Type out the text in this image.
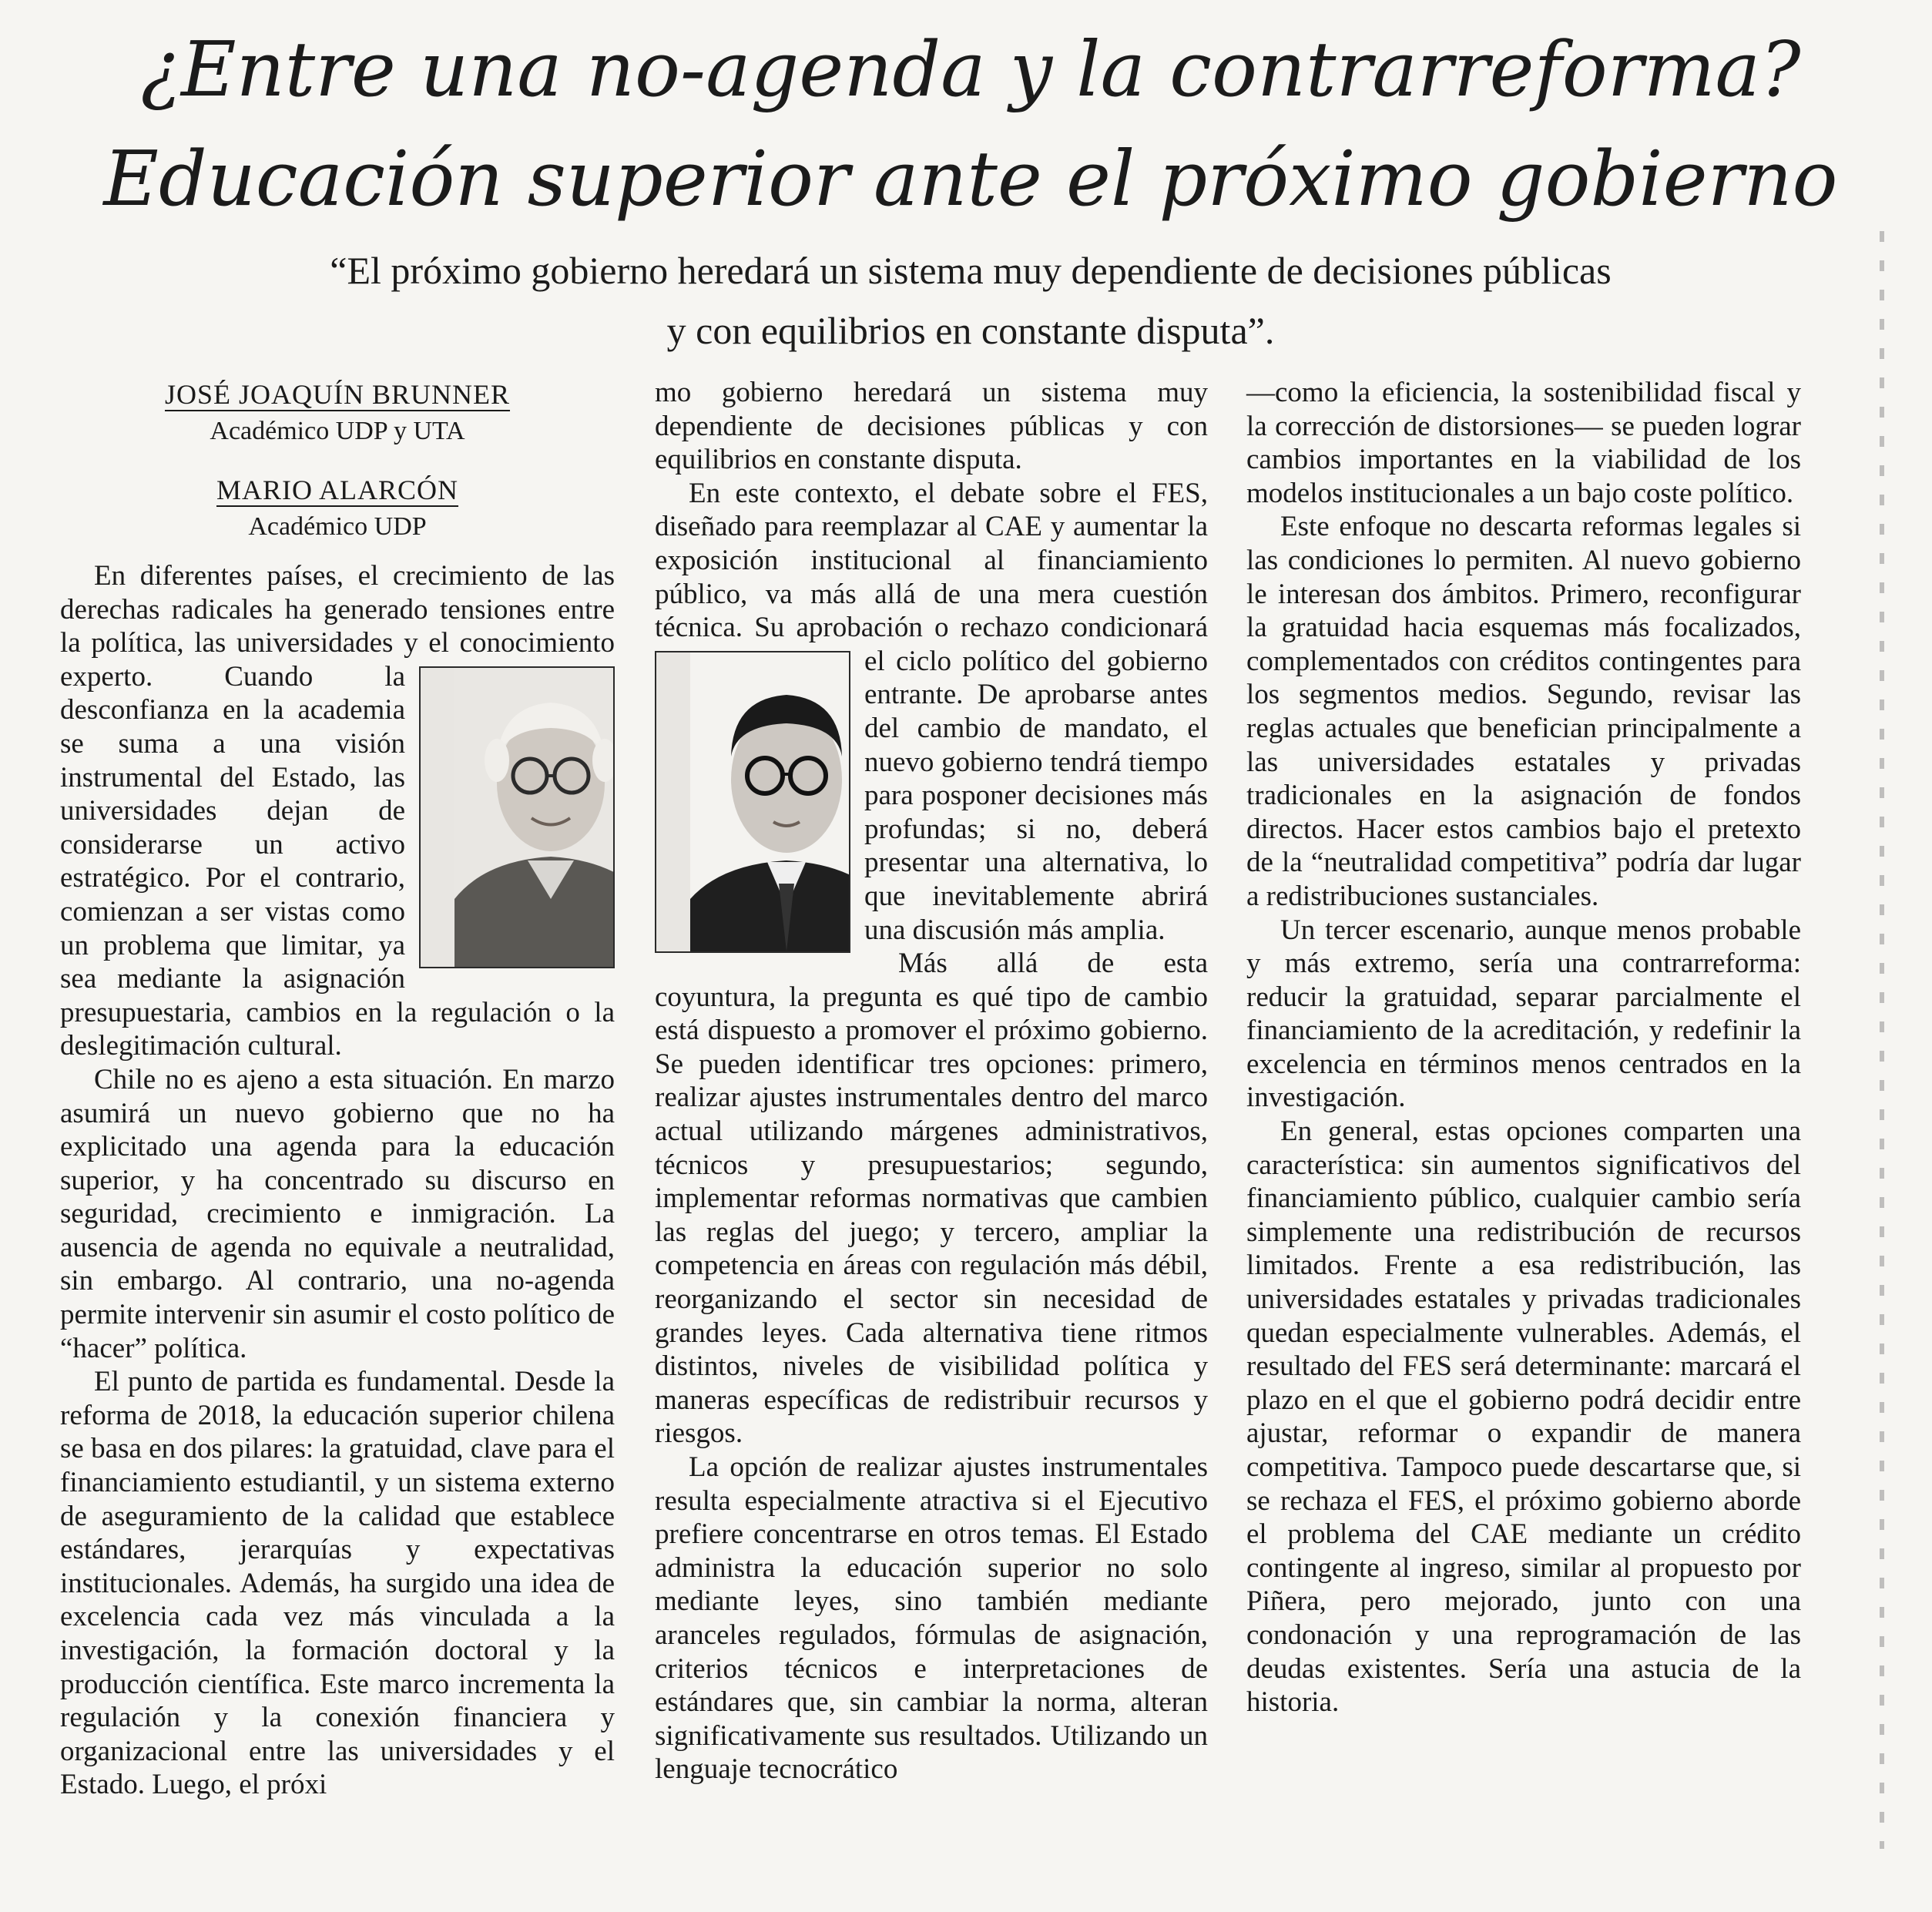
¿Entre una no-agenda y la contrarreforma?
Educación superior ante el próximo gobierno

“El próximo gobierno heredará un sistema muy dependiente de decisiones públicas
y con equilibrios en constante disputa”.

JOSÉ JOAQUÍN BRUNNER
Académico UDP y UTA
MARIO ALARCÓN
Académico UDP

En diferentes países, el crecimiento de las derechas radicales ha generado tensiones entre la política, las universidades y el conocimiento experto.	Cuando la desconfianza en la academia se suma a una visión instrumental del Estado, las universidades dejan de considerarse un activo estratégico. Por el contrario, comienzan a ser vistas como un problema que limitar, ya sea mediante la asignación presupuestaria, cambios en la regulación o la deslegitimación cultural.

Chile no es ajeno a esta situación. En marzo asumirá un nuevo gobierno que no ha explicitado una agenda para la educación superior, y ha concentrado su discurso en seguridad, crecimiento e inmigración. La ausencia de agenda no equivale a neutralidad, sin embargo. Al contrario, una no-agenda permite intervenir sin asumir el costo político de “hacer” política.

El punto de partida es fundamental. Desde la reforma de 2018, la educación superior chilena se basa en dos pilares: la gratuidad, clave para el financiamiento estudiantil, y un sistema externo de aseguramiento de la calidad que establece estándares, jerarquías y expectativas institucionales. Además, ha surgido una idea de excelencia cada vez más vinculada a la investigación, la formación doctoral y la producción científica. Este marco incrementa la regulación y la conexión financiera y organizacional entre las universidades y el Estado. Luego, el próxi

mo gobierno heredará un sistema muy dependiente de decisiones públicas y con equilibrios en constante disputa.

En este contexto, el debate sobre el FES, diseñado para reemplazar al CAE y aumentar la exposición institucional al financiamiento público, va más allá de una mera cuestión técnica. Su aprobación o rechazo condicionará el ciclo político del gobierno
entrante. De aprobarse antes del cambio de mandato, el nuevo gobierno tendrá tiempo para posponer decisiones más profundas; si no, deberá presentar una alternativa, lo que inevitablemente abrirá una discusión más amplia.

Más allá de esta coyuntura, la pregunta es qué tipo de cambio está dispuesto a promover el próximo gobierno. Se pueden identificar tres opciones: primero, realizar ajustes instrumentales dentro del marco actual utilizando márgenes administrativos, técnicos y presupuestarios; segundo, implementar reformas normativas que cambien las reglas del juego; y tercero, ampliar la competencia en áreas con regulación más débil, reorganizando el sector sin necesidad de grandes leyes. Cada alternativa tiene ritmos distintos, niveles de visibilidad política y maneras específicas de redistribuir recursos y riesgos.

La opción de realizar ajustes instrumentales resulta especialmente atractiva si el Ejecutivo prefiere concentrarse en otros temas. El Estado administra la educación superior no solo mediante leyes, sino también mediante aranceles regulados, fórmulas de asignación, criterios técnicos e interpretaciones de estándares que, sin cambiar la norma, alteran significativamente sus resultados. Utilizando un lenguaje tecnocrático

—como la eficiencia, la sostenibilidad fiscal y la corrección de distorsiones— se pueden lograr cambios importantes en la viabilidad de los modelos institucionales a un bajo coste político.

Este enfoque no descarta reformas legales si las condiciones lo permiten. Al nuevo gobierno le interesan dos ámbitos. Primero, reconfigurar la gratuidad hacia esquemas más focalizados, complementados con créditos contingentes para los segmentos medios. Segundo, revisar las reglas actuales que benefician principalmente a las universidades estatales y privadas tradicionales en la asignación de fondos directos. Hacer estos cambios bajo el pretexto de la “neutralidad competitiva” podría dar lugar a redistribuciones sustanciales.

Un tercer escenario, aunque menos probable y más extremo, sería una contrarreforma: reducir la gratuidad, separar parcialmente el financiamiento de la acreditación, y redefinir la excelencia en términos menos centrados en la investigación.

En general, estas opciones comparten una característica: sin aumentos significativos del financiamiento público, cualquier cambio sería simplemente una redistribución de recursos limitados. Frente a esa redistribución, las universidades estatales y privadas tradicionales quedan especialmente vulnerables. Además, el resultado del FES será determinante: marcará el plazo en el que el gobierno podrá decidir entre ajustar, reformar o expandir de manera competitiva. Tampoco puede descartarse que, si se rechaza el FES, el próximo gobierno aborde el problema del CAE mediante un crédito contingente al ingreso, similar al propuesto por Piñera, pero mejorado, junto con una condonación y una reprogramación de las deudas existentes. Sería una astucia de la historia.
